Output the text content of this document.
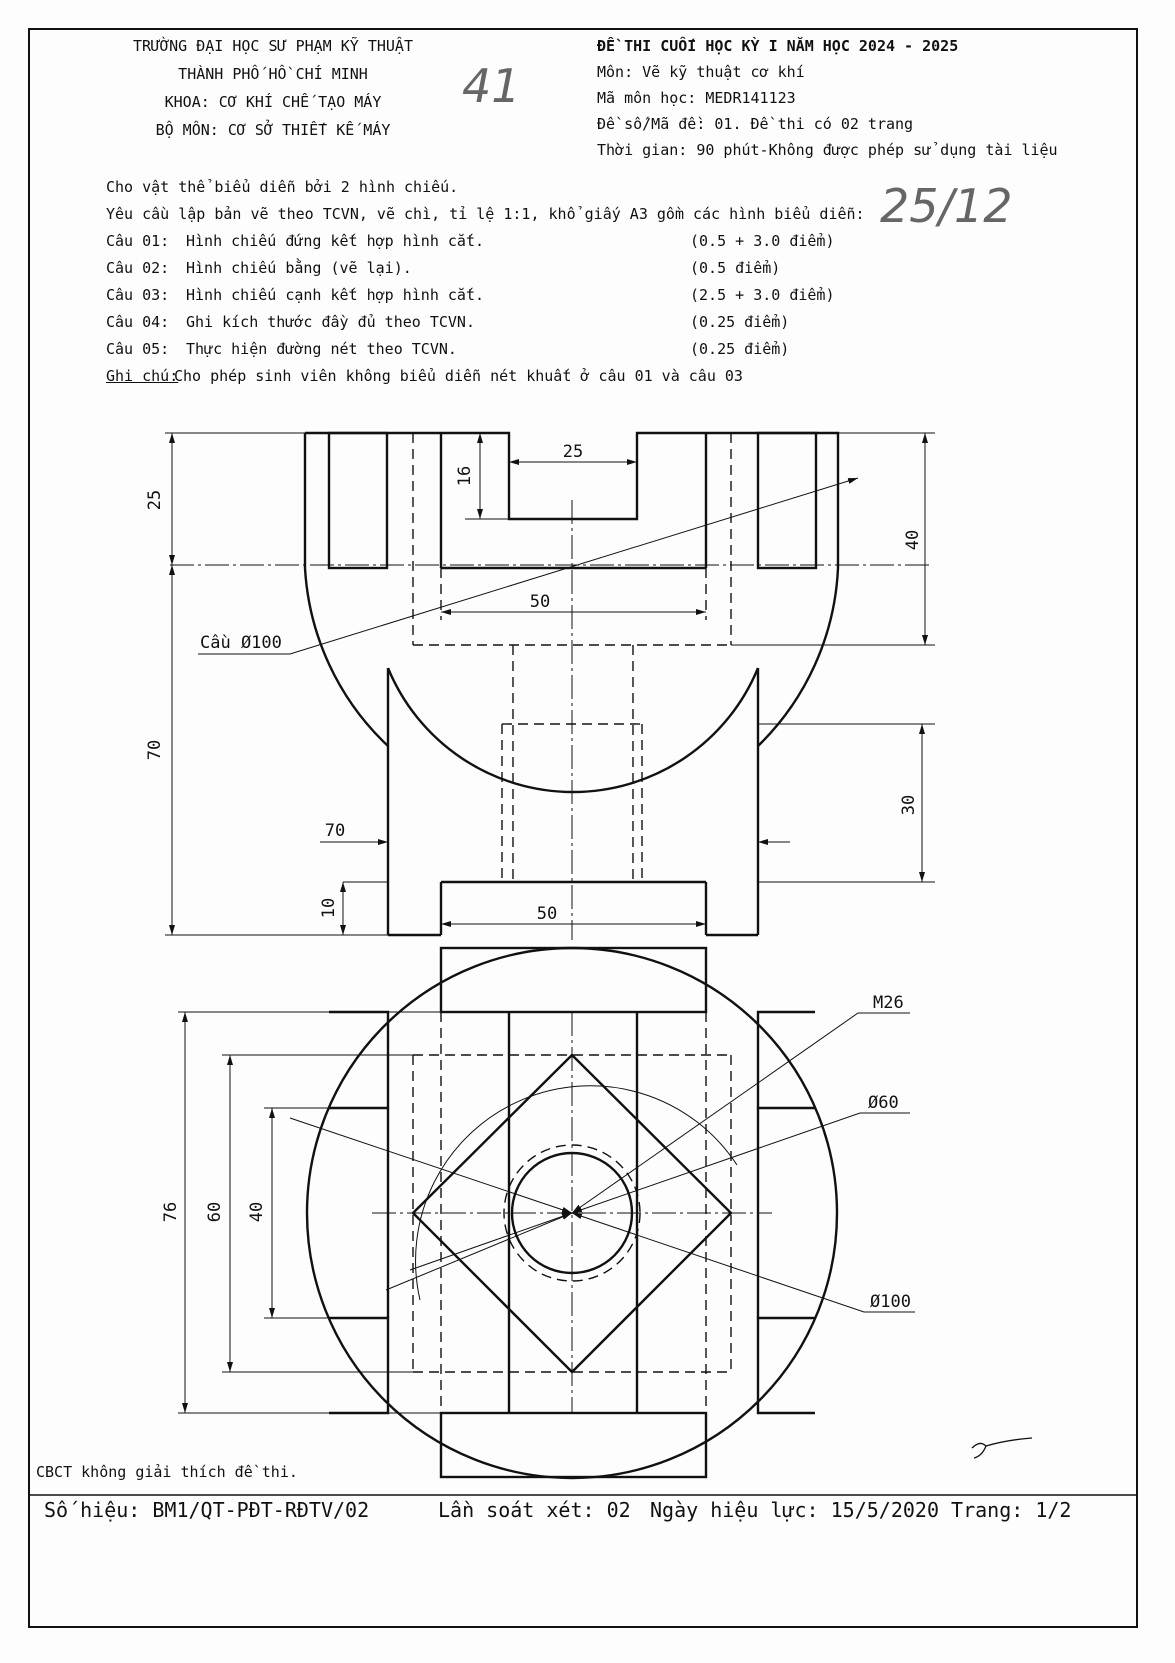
TRƯỜNG ĐẠI HỌC SƯ PHẠM KỸ THUẬT
THÀNH PHỐ HỒ CHÍ MINH
KHOA: CƠ KHÍ CHẾ TẠO MÁY
BỘ MÔN: CƠ SỞ THIẾT KẾ MÁY
41
25/12
ĐỀ THI CUỐI HỌC KỲ I NĂM HỌC 2024 - 2025
Môn: Vẽ kỹ thuật cơ khí
Mã môn học: MEDR141123
Đề số/Mã đề: 01. Đề thi có 02 trang
Thời gian: 90 phút-Không được phép sử dụng tài liệu
Cho vật thể biểu diễn bởi 2 hình chiếu.
Yêu cầu lập bản vẽ theo TCVN, vẽ chì, tỉ lệ 1:1, khổ giấy A3 gồm các hình biểu diễn:
Câu 01: Hình chiếu đứng kết hợp hình cắt.	(0.5 + 3.0 điểm)
Câu 02: Hình chiếu bằng (vẽ lại).	(0.5 điểm)
Câu 03: Hình chiếu cạnh kết hợp hình cắt.	(2.5 + 3.0 điểm)
Câu 04: Ghi kích thước đầy đủ theo TCVN.	(0.25 điểm)
Câu 05: Thực hiện đường nét theo TCVN.	(0.25 điểm)
Ghi chú:
Cho phép sinh viên không biểu diễn nét khuất ở câu 01 và câu 03
25
70
16
25
40
50
Cầu Ø100
30
70
10	50
76 60 40
M26
Ø60
Ø100
CBCT không giải thích đề thi.
Số hiệu: BM1/QT-PĐT-RĐTV/02	Lần soát xét: 02 Ngày hiệu lực: 15/5/2020 Trang: 1/2
